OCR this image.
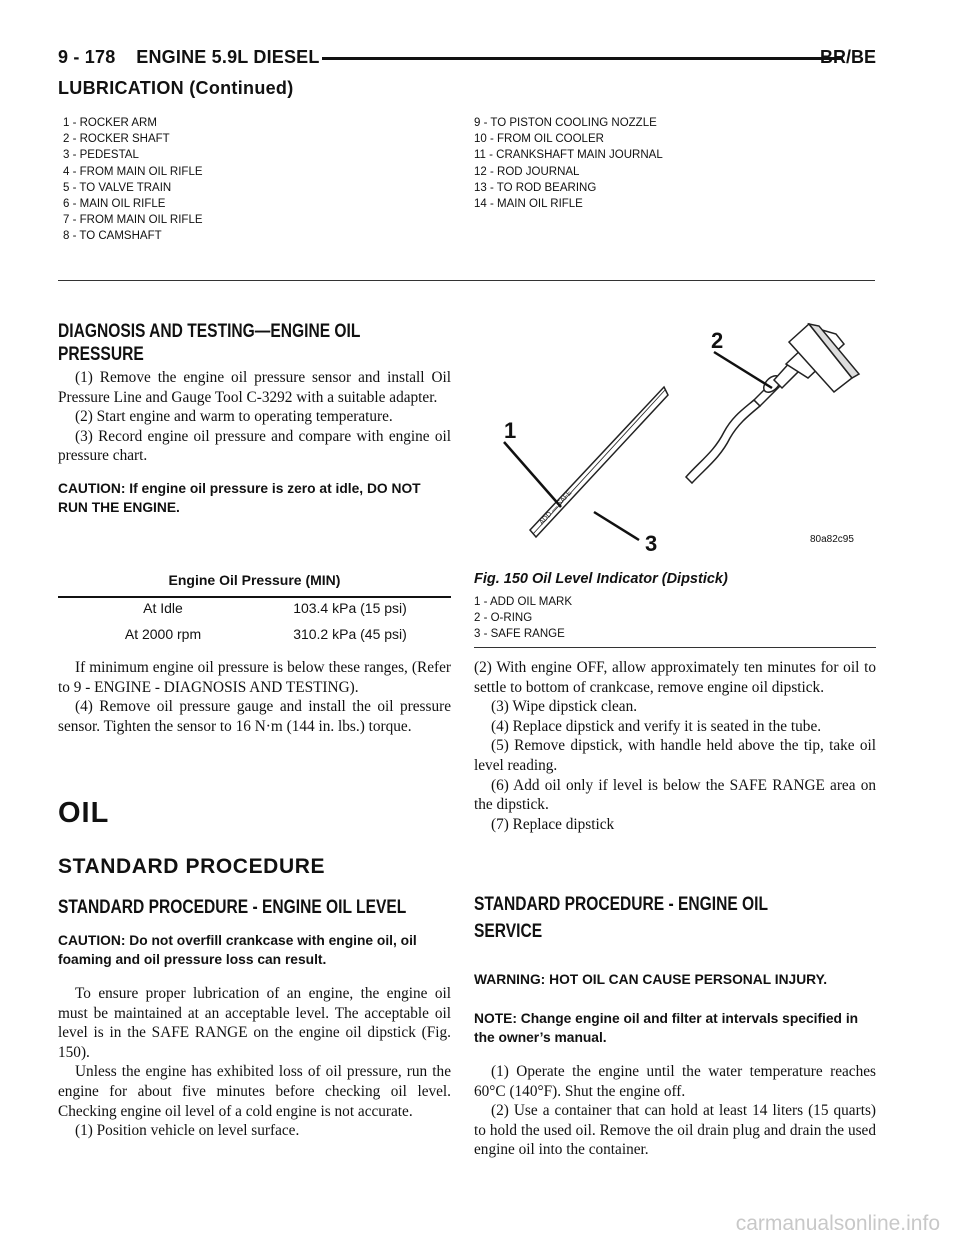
9 - 178 ENGINE 5.9L DIESEL	BR/BE
LUBRICATION (Continued)
1 - ROCKER ARM
2 - ROCKER SHAFT
3 - PEDESTAL
4 - FROM MAIN OIL RIFLE
5 - TO VALVE TRAIN
6 - MAIN OIL RIFLE
7 - FROM MAIN OIL RIFLE
8 - TO CAMSHAFT
9 - TO PISTON COOLING NOZZLE
10 - FROM OIL COOLER
11 - CRANKSHAFT MAIN JOURNAL
12 - ROD JOURNAL
13 - TO ROD BEARING
14 - MAIN OIL RIFLE
DIAGNOSIS AND TESTING—ENGINE OIL
PRESSURE

(1) Remove the engine oil pressure sensor and install Oil Pressure Line and Gauge Tool C-3292 with a suitable adapter.

(2) Start engine and warm to operating temperature.

(3) Record engine oil pressure and compare with engine oil pressure chart.

CAUTION: If engine oil pressure is zero at idle, DO NOT RUN THE ENGINE.

Engine Oil Pressure (MIN)
At Idle	103.4 kPa (15 psi)
At 2000 rpm	310.2 kPa (45 psi)

If minimum engine oil pressure is below these ranges, (Refer to 9 - ENGINE - DIAGNOSIS AND TESTING).

(4) Remove oil pressure gauge and install the oil pressure sensor. Tighten the sensor to 16 N·m (144 in. lbs.) torque.

OIL
STANDARD PROCEDURE
STANDARD PROCEDURE - ENGINE OIL LEVEL

CAUTION: Do not overfill crankcase with engine oil, oil foaming and oil pressure loss can result.

To ensure proper lubrication of an engine, the engine oil must be maintained at an acceptable level. The acceptable oil level is in the SAFE RANGE on the engine oil dipstick (Fig. 150).

Unless the engine has exhibited loss of oil pressure, run the engine for about five minutes before checking oil level. Checking engine oil level of a cold engine is not accurate.

(1) Position vehicle on level surface.

ADD — SAFE
1
2
3	80a82c95
Fig. 150 Oil Level Indicator (Dipstick)
1 - ADD OIL MARK
2 - O-RING
3 - SAFE RANGE

(2) With engine OFF, allow approximately ten minutes for oil to settle to bottom of crankcase, remove engine oil dipstick.

(3) Wipe dipstick clean.

(4) Replace dipstick and verify it is seated in the tube.

(5) Remove dipstick, with handle held above the tip, take oil level reading.

(6) Add oil only if level is below the SAFE RANGE area on the dipstick.

(7) Replace dipstick

STANDARD PROCEDURE - ENGINE OIL
SERVICE

WARNING: HOT OIL CAN CAUSE PERSONAL INJURY.

NOTE: Change engine oil and filter at intervals specified in the owner’s manual.

(1) Operate the engine until the water temperature reaches 60°C (140°F). Shut the engine off.

(2) Use a container that can hold at least 14 liters (15 quarts) to hold the used oil. Remove the oil drain plug and drain the used engine oil into the container.

carmanualsonline.info
